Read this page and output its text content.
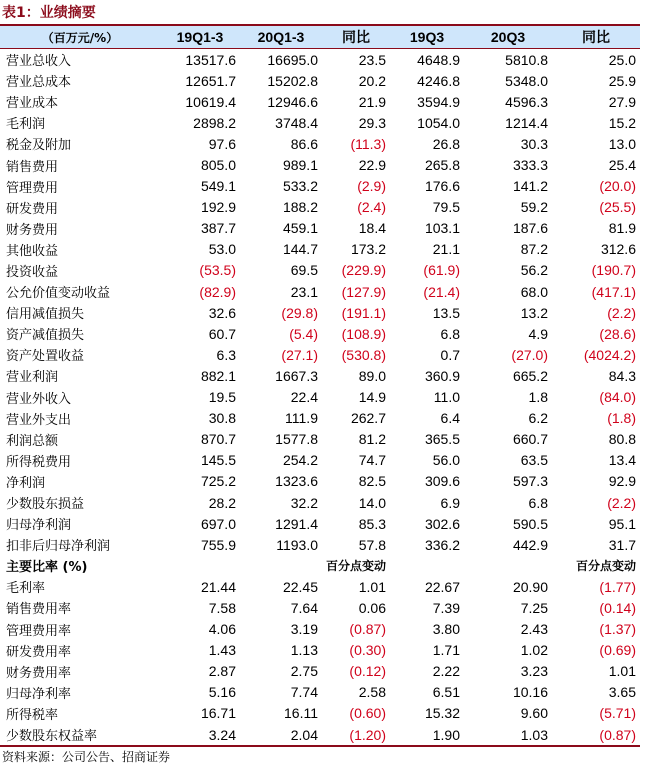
表1：业绩摘要
（百万元/%）	19Q1-3	20Q1-3	同比	19Q3	20Q3	同比
营业总收入	13517.6	16695.0	23.5	4648.9	5810.8	25.0
营业总成本	12651.7	15202.8	20.2	4246.8	5348.0	25.9
营业成本	10619.4	12946.6	21.9	3594.9	4596.3	27.9
毛利润	2898.2	3748.4	29.3	1054.0	1214.4	15.2
税金及附加	97.6	86.6	(11.3)	26.8	30.3	13.0
销售费用	805.0	989.1	22.9	265.8	333.3	25.4
管理费用	549.1	533.2	(2.9)	176.6	141.2	(20.0)
研发费用	192.9	188.2	(2.4)	79.5	59.2	(25.5)
财务费用	387.7	459.1	18.4	103.1	187.6	81.9
其他收益	53.0	144.7	173.2	21.1	87.2	312.6
投资收益	(53.5)	69.5	(229.9)	(61.9)	56.2	(190.7)
公允价值变动收益	(82.9)	23.1	(127.9)	(21.4)	68.0	(417.1)
信用减值损失	32.6	(29.8)	(191.1)	13.5	13.2	(2.2)
资产减值损失	60.7	(5.4)	(108.9)	6.8	4.9	(28.6)
资产处置收益	6.3	(27.1)	(530.8)	0.7	(27.0)	(4024.2)
营业利润	882.1	1667.3	89.0	360.9	665.2	84.3
营业外收入	19.5	22.4	14.9	11.0	1.8	(84.0)
营业外支出	30.8	111.9	262.7	6.4	6.2	(1.8)
利润总额	870.7	1577.8	81.2	365.5	660.7	80.8
所得税费用	145.5	254.2	74.7	56.0	63.5	13.4
净利润	725.2	1323.6	82.5	309.6	597.3	92.9
少数股东损益	28.2	32.2	14.0	6.9	6.8	(2.2)
归母净利润	697.0	1291.4	85.3	302.6	590.5	95.1
扣非后归母净利润	755.9	1193.0	57.8	336.2	442.9	31.7
主要比率 (%)			百分点变动			百分点变动
毛利率	21.44	22.45	1.01	22.67	20.90	(1.77)
销售费用率	7.58	7.64	0.06	7.39	7.25	(0.14)
管理费用率	4.06	3.19	(0.87)	3.80	2.43	(1.37)
研发费用率	1.43	1.13	(0.30)	1.71	1.02	(0.69)
财务费用率	2.87	2.75	(0.12)	2.22	3.23	1.01
归母净利率	5.16	7.74	2.58	6.51	10.16	3.65
所得税率	16.71	16.11	(0.60)	15.32	9.60	(5.71)
少数股东权益率	3.24	2.04	(1.20)	1.90	1.03	(0.87)
资料来源：公司公告、招商证券
